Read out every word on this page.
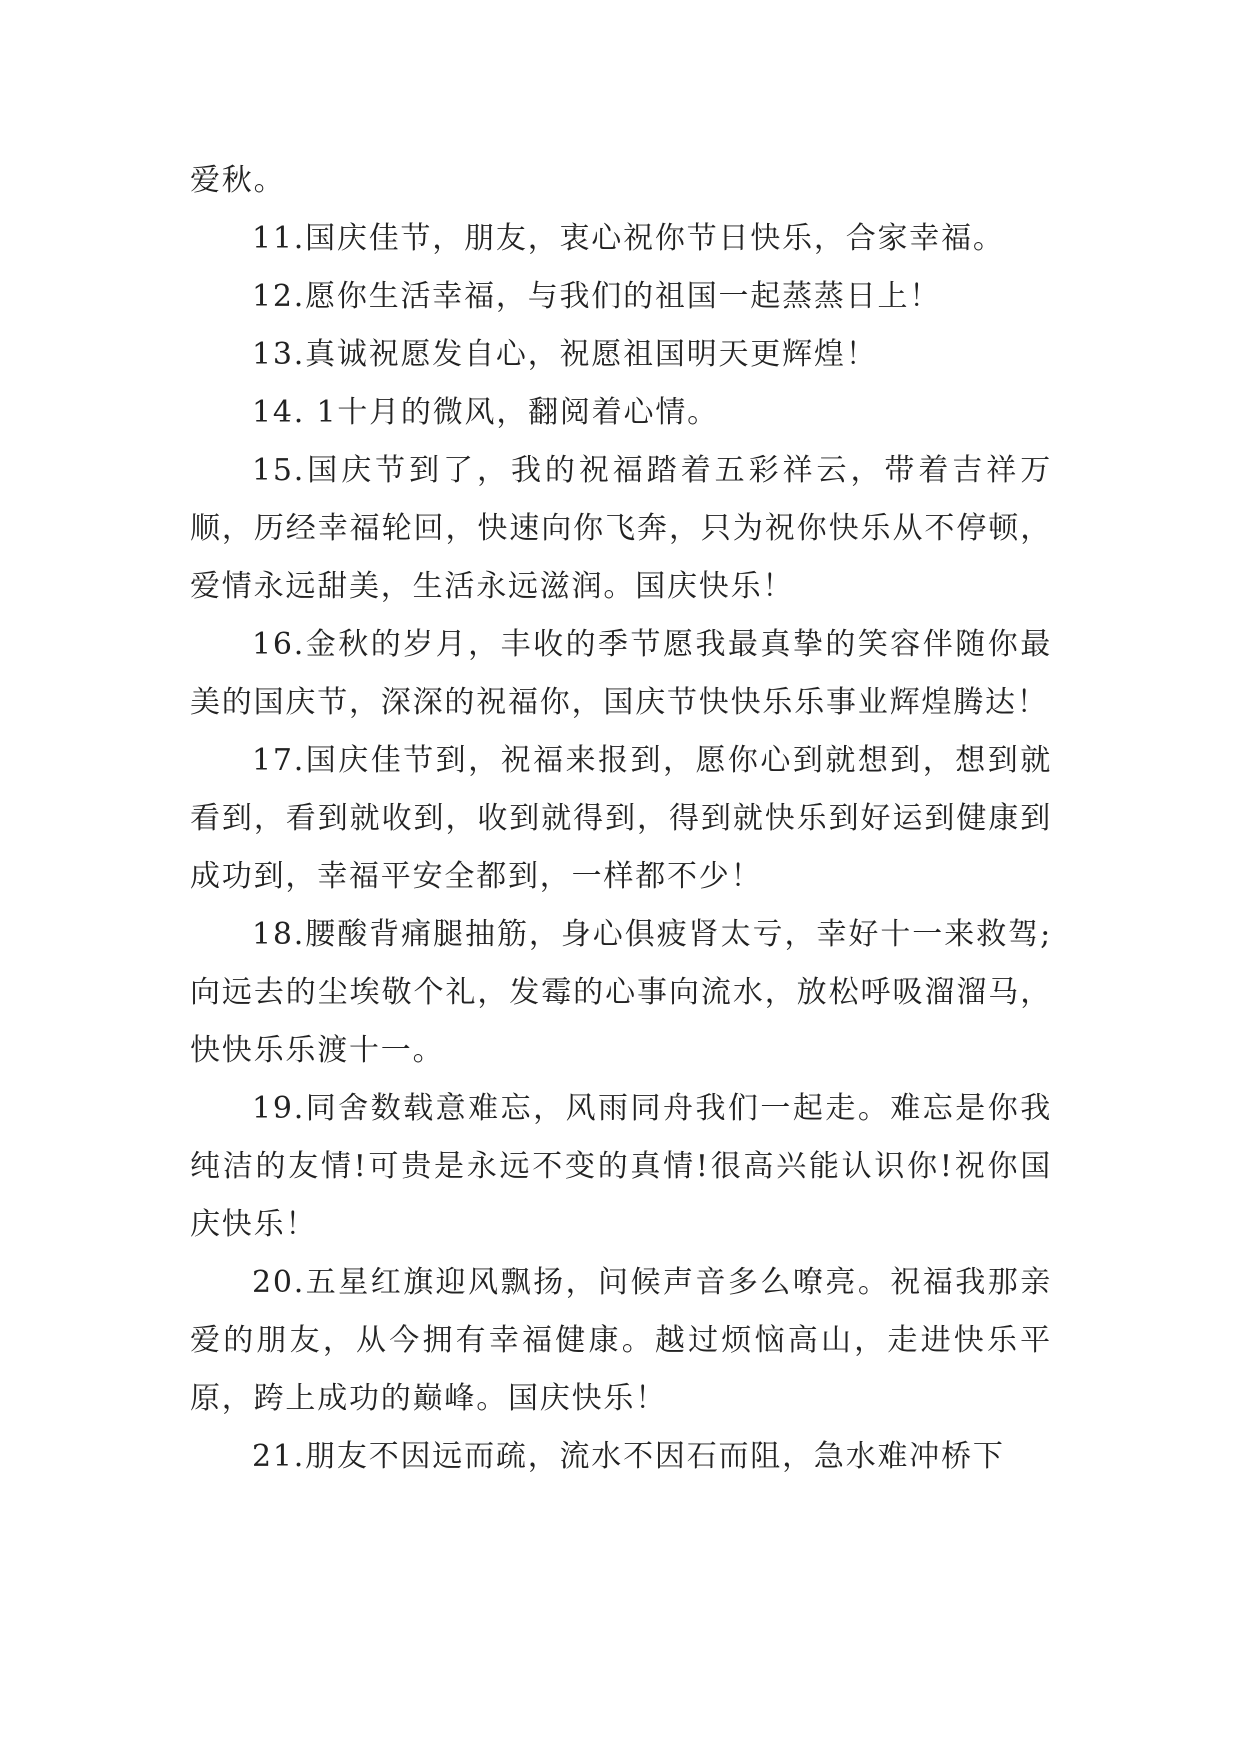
爱秋。

11.国庆佳节，朋友，衷心祝你节日快乐，合家幸福。

12.愿你生活幸福，与我们的祖国一起蒸蒸日上！

13.真诚祝愿发自心，祝愿祖国明天更辉煌！

14. 1十月的微风，翻阅着心情。

15.国庆节到了，我的祝福踏着五彩祥云，带着吉祥万顺，历经幸福轮回，快速向你飞奔，只为祝你快乐从不停顿，爱情永远甜美，生活永远滋润。国庆快乐！

16.金秋的岁月，丰收的季节愿我最真挚的笑容伴随你最美的国庆节，深深的祝福你，国庆节快快乐乐事业辉煌腾达！

17.国庆佳节到，祝福来报到，愿你心到就想到，想到就看到，看到就收到，收到就得到，得到就快乐到好运到健康到成功到，幸福平安全都到，一样都不少！

18.腰酸背痛腿抽筋，身心俱疲肾太亏，幸好十一来救驾;向远去的尘埃敬个礼，发霉的心事向流水，放松呼吸溜溜马，快快乐乐渡十一。

19.同舍数载意难忘，风雨同舟我们一起走。难忘是你我纯洁的友情!可贵是永远不变的真情!很高兴能认识你!祝你国庆快乐！

20.五星红旗迎风飘扬，问候声音多么嘹亮。祝福我那亲爱的朋友，从今拥有幸福健康。越过烦恼高山，走进快乐平原，跨上成功的巅峰。国庆快乐！

21.朋友不因远而疏，流水不因石而阻，急水难冲桥下
